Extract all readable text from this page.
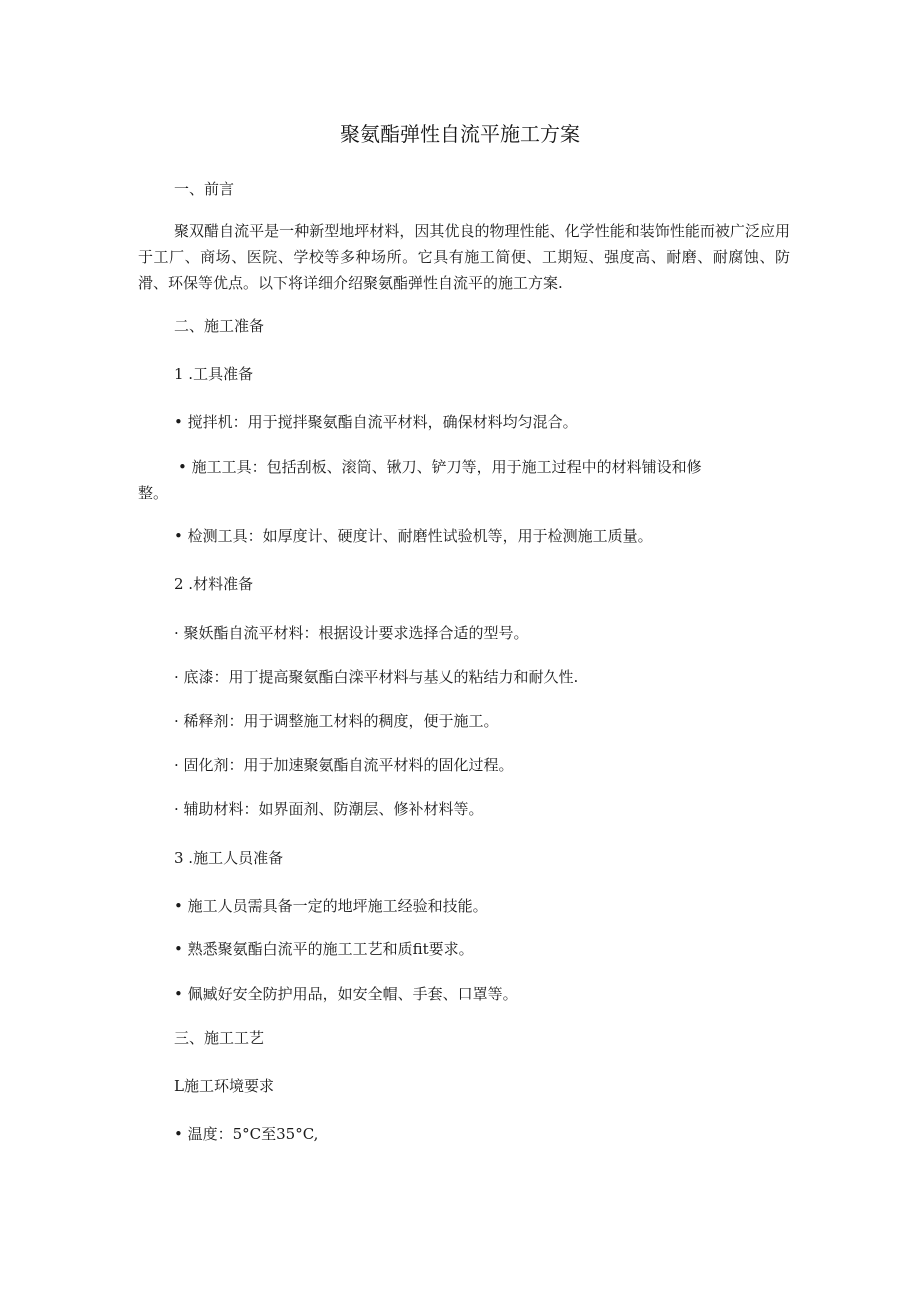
聚氨酯弹性自流平施工方案
一、前言
聚双醋自流平是一种新型地坪材料，因其优良的物理性能、化学性能和装饰性能而被广泛应用于工厂、商场、医院、学校等多种场所。它具有施工简便、工期短、强度高、耐磨、耐腐蚀、防滑、环保等优点。以下将详细介绍聚氨酯弹性自流平的施工方案.
二、施工准备
1 .工具准备
• 搅拌机：用于搅拌聚氨酯自流平材料，确保材料均匀混合。
• 施工工具：包括刮板、滚筒、锹刀、铲刀等，用于施工过程中的材料铺设和修
整。
• 检测工具：如厚度计、硬度计、耐磨性试验机等，用于检测施工质量。
2 .材料准备
· 聚妖酯自流平材料：根据设计要求选择合适的型号。
· 底漆：用丁提高聚氨酯白滦平材料与基乂的粘结力和耐久性.
· 稀释剂：用于调整施工材料的稠度，便于施工。
· 固化剂：用于加速聚氨酯自流平材料的固化过程。
· 辅助材料：如界面剂、防潮层、修补材料等。
3 .施工人员准备
• 施工人员需具备一定的地坪施工经验和技能。
• 熟悉聚氨酯白流平的施工工艺和质fit要求。
• 佩臧好安全防护用品，如安全帽、手套、口罩等。
三、施工工艺
L施工环境要求
• 温度：5°C至35°C,
